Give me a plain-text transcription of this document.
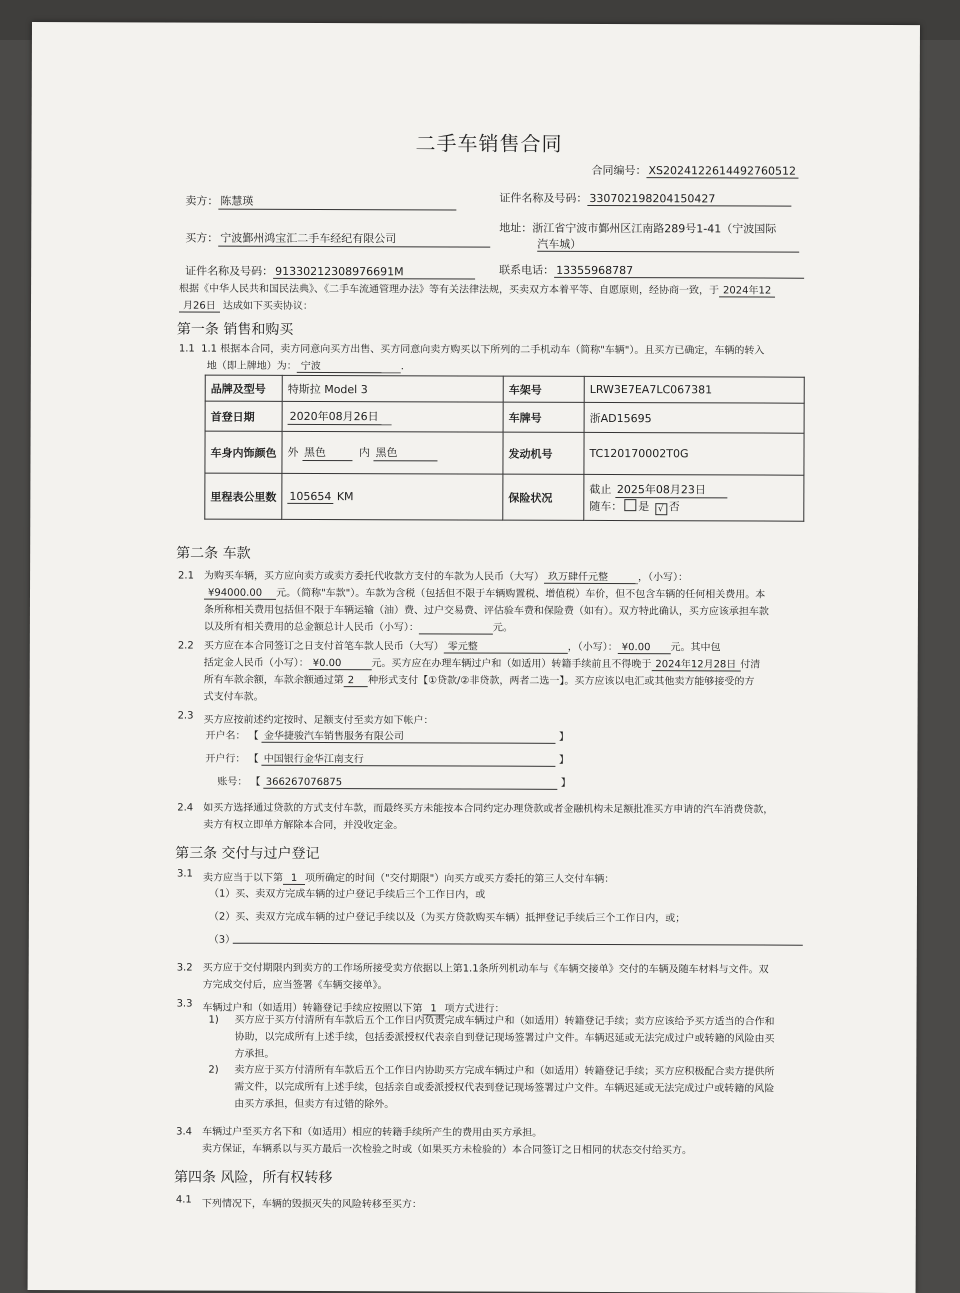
二手车销售合同
合同编号： XS2024122614492760512
卖方： 陈慧瑛	证件名称及号码： 330702198204150427
买方： 宁波鄞州鸿宝汇二手车经纪有限公司
地址：浙江省宁波市鄞州区江南路289号1-41（宁波国际
汽车城）
证件名称及号码： 91330212308976691M	联系电话： 13355968787
根据《中华人民共和国民法典》、《二手车流通管理办法》等有关法律法规，买卖双方本着平等、自愿原则，经协商一致，于 2024年12
月26日 达成如下买卖协议：
第一条 销售和购买
1.1 1.1 根据本合同，卖方同意向买方出售、买方同意向卖方购买以下所列的二手机动车（简称"车辆"）。且买方已确定，车辆的转入
地（即上牌地）为： 宁波	.
品牌及型号	特斯拉 Model 3	车架号	LRW3E7EA7LC067381
首登日期	2020年08月26日	车牌号	浙AD15695
车身内饰颜色	外 黑色 内 黑色	发动机号	TC120170002T0G
里程表公里数	105654 KM	保险状况	截止 2025年08月23日
随车： 是 √ 否
第二条 车款
2.1 为购买车辆，买方应向卖方或卖方委托代收款方支付的车款为人民币（大写） 玖万肆仟元整	，（小写）：
¥94000.00 元。（简称"车款"）。车款为含税（包括但不限于车辆购置税、增值税）车价，但不包含车辆的任何相关费用。本
条所称相关费用包括但不限于车辆运输（油）费、过户交易费、评估验车费和保险费（如有）。双方特此确认，买方应该承担车款
以及所有相关费用的总金额总计人民币（小写）：	元。
2.2 买方应在本合同签订之日支付首笔车款人民币（大写） 零元整	，（小写）： ¥0.00 元。其中包
括定金人民币（小写）： ¥0.00	元。买方应在办理车辆过户和（如适用）转籍手续前且不得晚于 2024年12月28日 付清
所有车款余额，车款余额通过第 2 种形式支付【①贷款/②非贷款，两者二选一】。买方应该以电汇或其他卖方能够接受的方
式支付车款。
2.3 买方应按前述约定按时、足额支付至卖方如下帐户：
开户名： 【 金华捷骏汽车销售服务有限公司	】
开户行： 【 中国银行金华江南支行	】
账号： 【 366267076875	】
2.4 如买方选择通过贷款的方式支付车款，而最终买方未能按本合同约定办理贷款或者金融机构未足额批准买方申请的汽车消费贷款，
卖方有权立即单方解除本合同，并没收定金。
第三条 交付与过户登记
3.1 卖方应当于以下第 1 项所确定的时间（"交付期限"）向买方或买方委托的第三人交付车辆：
（1）买、卖双方完成车辆的过户登记手续后三个工作日内，或
（2）买、卖双方完成车辆的过户登记手续以及（为买方贷款购买车辆）抵押登记手续后三个工作日内，或；
（3）
3.2 买方应于交付期限内到卖方的工作场所接受卖方依据以上第1.1条所列机动车与《车辆交接单》交付的车辆及随车材料与文件。双
方完成交付后，应当签署《车辆交接单》。
3.3 车辆过户和（如适用）转籍登记手续应按照以下第 1 项方式进行：
1) 买方应于买方付清所有车款后五个工作日内负责完成车辆过户和（如适用）转籍登记手续；卖方应该给予买方适当的合作和
协助，以完成所有上述手续，包括委派授权代表亲自到登记现场签署过户文件。车辆迟延或无法完成过户或转籍的风险由买
方承担。
2) 卖方应于买方付清所有车款后五个工作日内协助买方完成车辆过户和（如适用）转籍登记手续；买方应积极配合卖方提供所
需文件，以完成所有上述手续，包括亲自或委派授权代表到登记现场签署过户文件。车辆迟延或无法完成过户或转籍的风险
由买方承担，但卖方有过错的除外。
3.4 车辆过户至买方名下和（如适用）相应的转籍手续所产生的费用由买方承担。
卖方保证，车辆系以与买方最后一次检验之时或（如果买方未检验的）本合同签订之日相同的状态交付给买方。
第四条 风险，所有权转移
4.1 下列情况下，车辆的毁损灭失的风险转移至买方：
